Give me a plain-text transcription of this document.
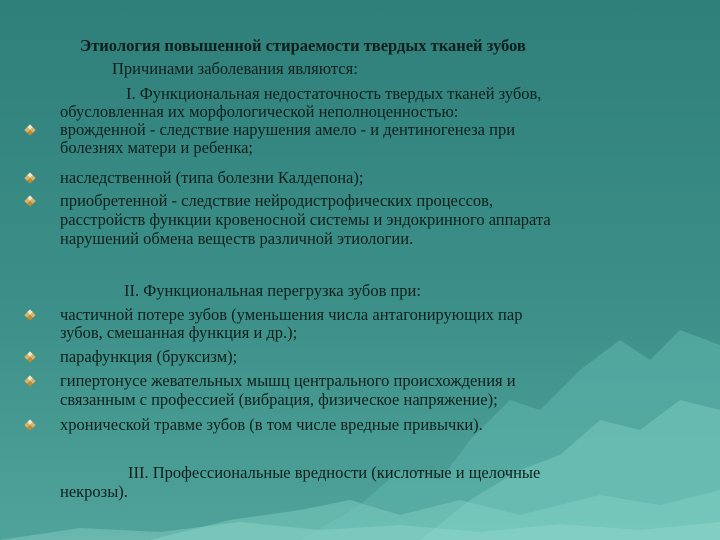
Этиология повышенной стираемости твердых тканей зубов
Причинами заболевания являются:
I. Функциональная недостаточность твердых тканей зубов,
обусловленная их морфологической неполноценностью:
врожденной - следствие нарушения амело - и дентиногенеза при
болезнях матери и ребенка;
наследственной (типа болезни Калдепона);
приобретенной - следствие нейродистрофических процессов,
расстройств функции кровеносной системы и эндокринного аппарата
нарушений обмена веществ различной этиологии.
II. Функциональная перегрузка зубов при:
частичной потере зубов (уменьшения числа антагонирующих пар
зубов, смешанная функция и др.);
парафункция (бруксизм);
гипертонусе жевательных мышц центрального происхождения и
связанным с профессией (вибрация, физическое напряжение);
хронической травме зубов (в том числе вредные привычки).
III. Профессиональные вредности (кислотные и щелочные
некрозы).
